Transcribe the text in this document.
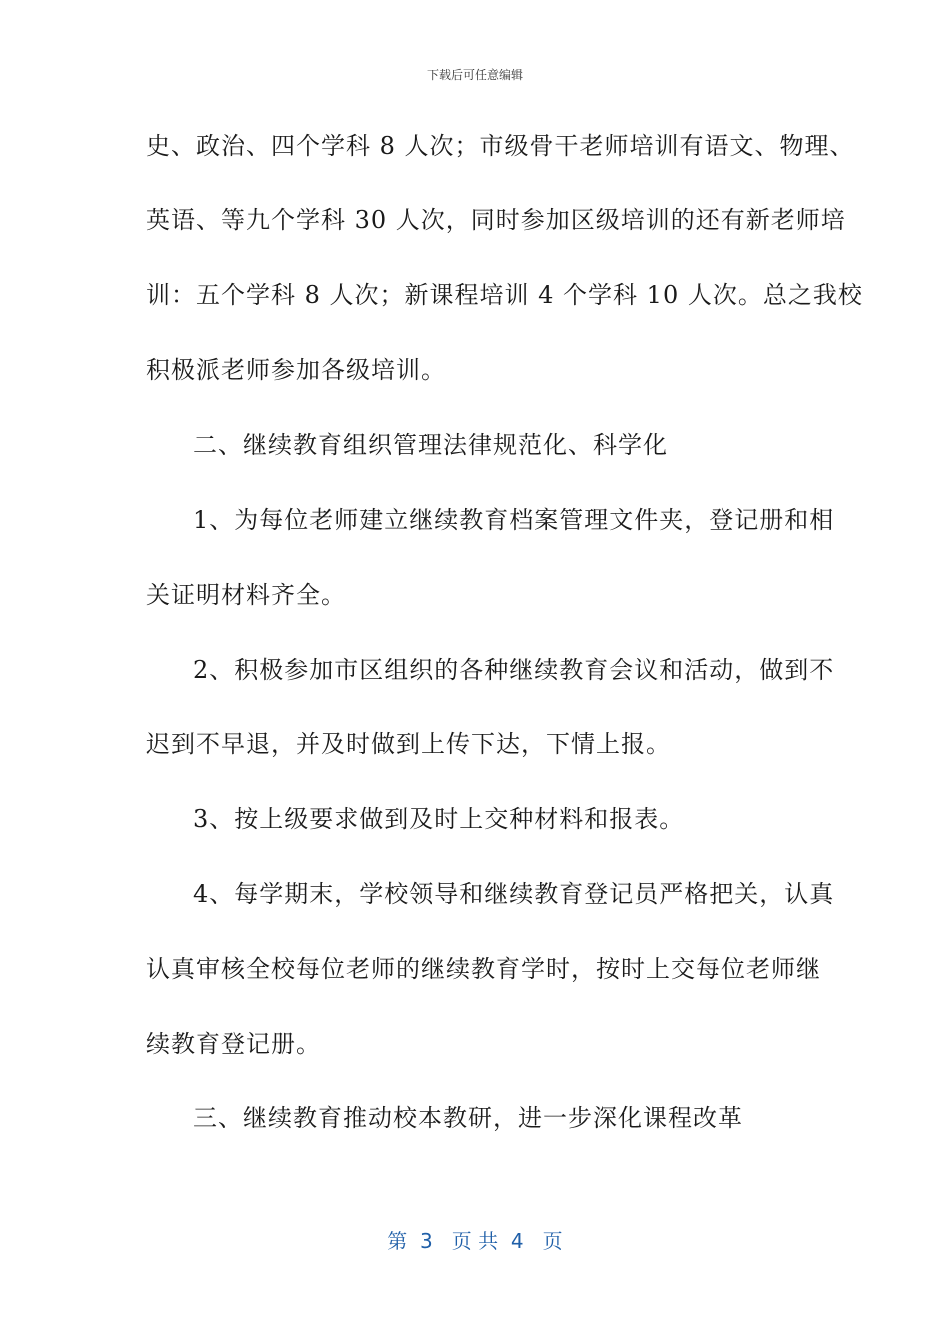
下载后可任意编辑
史、政治、四个学科 8 人次；市级骨干老师培训有语文、物理、
英语、等九个学科 30 人次，同时参加区级培训的还有新老师培
训：五个学科 8 人次；新课程培训 4 个学科 10 人次。总之我校
积极派老师参加各级培训。
二、继续教育组织管理法律规范化、科学化
1、为每位老师建立继续教育档案管理文件夹，登记册和相
关证明材料齐全。
2、积极参加市区组织的各种继续教育会议和活动，做到不
迟到不早退，并及时做到上传下达，下情上报。
3、按上级要求做到及时上交种材料和报表。
4、每学期末，学校领导和继续教育登记员严格把关，认真
认真审核全校每位老师的继续教育学时，按时上交每位老师继
续教育登记册。
三、继续教育推动校本教研，进一步深化课程改革
第  3   页 共  4   页
